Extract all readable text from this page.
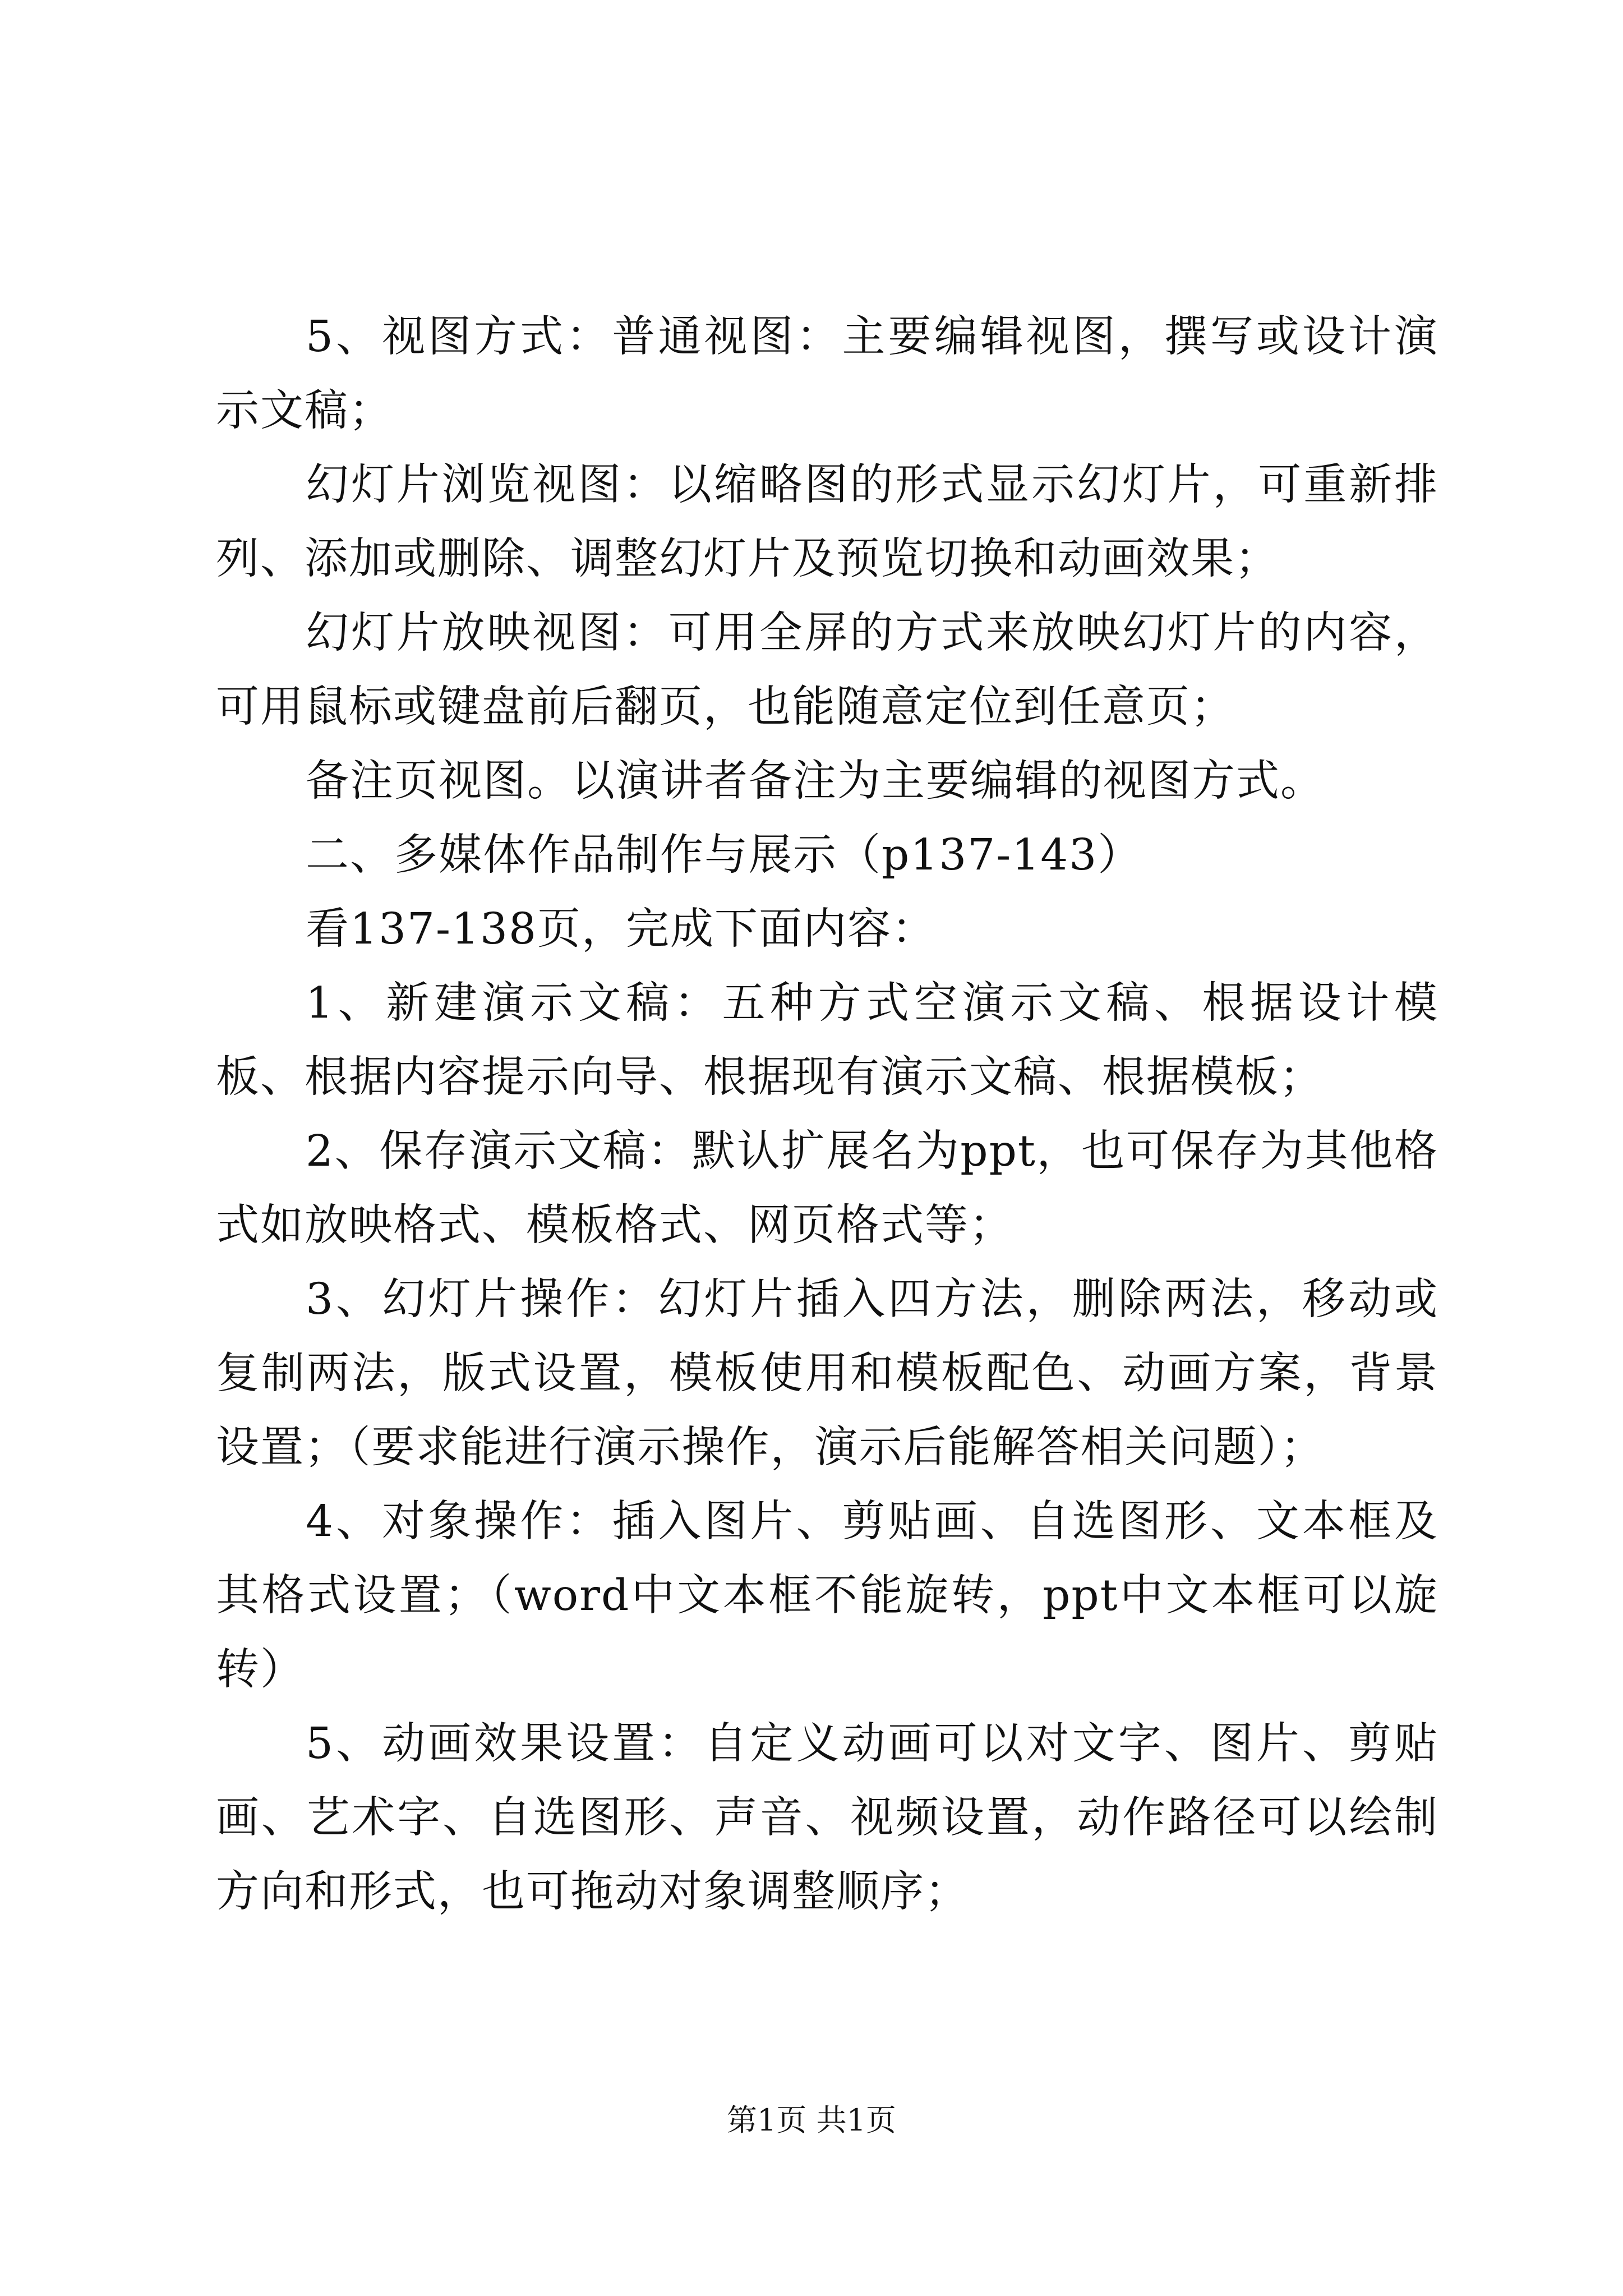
5、视图方式：普通视图：主要编辑视图，撰写或设计演示文稿；

幻灯片浏览视图：以缩略图的形式显示幻灯片，可重新排列、添加或删除、调整幻灯片及预览切换和动画效果；

幻灯片放映视图：可用全屏的方式来放映幻灯片的内容，可用鼠标或键盘前后翻页，也能随意定位到任意页；

备注页视图。以演讲者备注为主要编辑的视图方式。

二、多媒体作品制作与展示（p137-143）

看137-138页，完成下面内容：

1、新建演示文稿：五种方式空演示文稿、根据设计模板、根据内容提示向导、根据现有演示文稿、根据模板；

2、保存演示文稿：默认扩展名为ppt，也可保存为其他格式如放映格式、模板格式、网页格式等；

3、幻灯片操作：幻灯片插入四方法，删除两法，移动或复制两法，版式设置，模板使用和模板配色、动画方案，背景设置；（要求能进行演示操作，演示后能解答相关问题）；

4、对象操作：插入图片、剪贴画、自选图形、文本框及其格式设置；（word中文本框不能旋转，ppt中文本框可以旋转）

5、动画效果设置：自定义动画可以对文字、图片、剪贴画、艺术字、自选图形、声音、视频设置，动作路径可以绘制方向和形式，也可拖动对象调整顺序；

第1页 共1页
